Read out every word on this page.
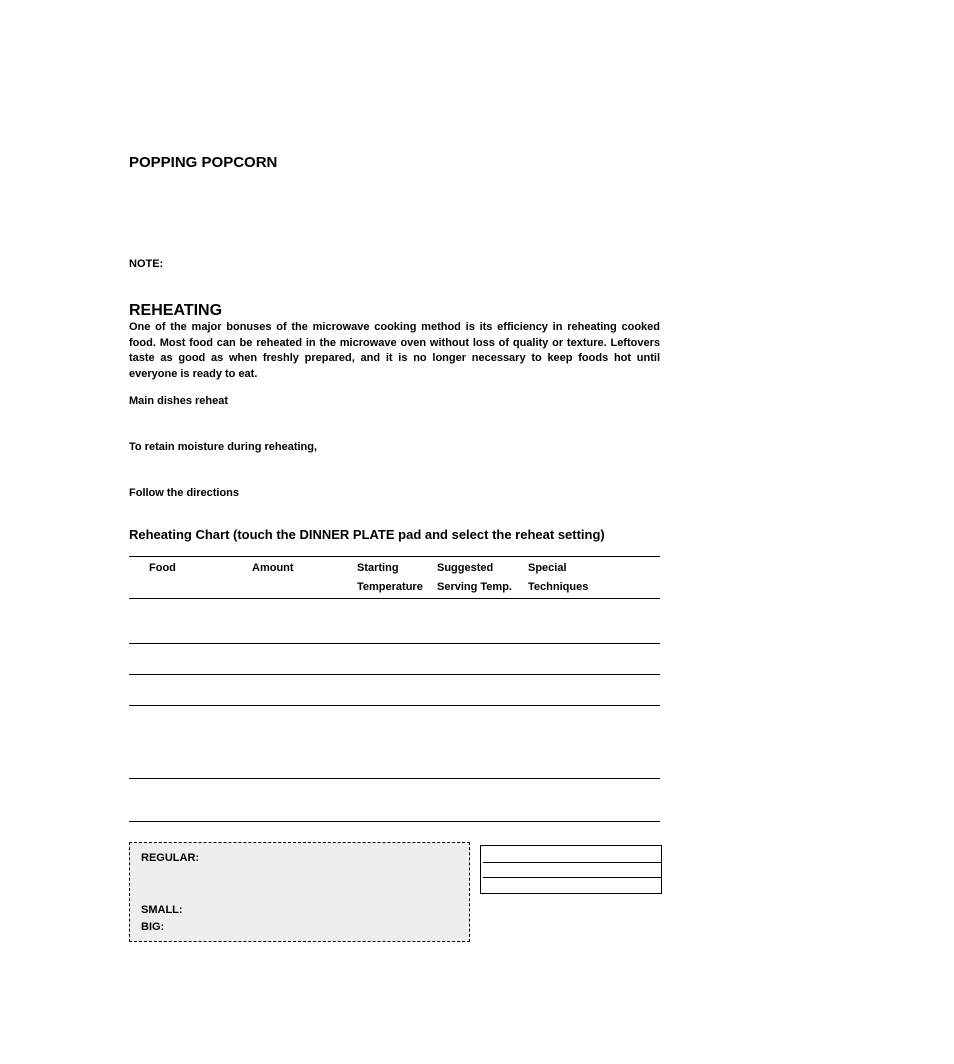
POPPING POPCORN
NOTE:
REHEATING

One of the major bonuses of the microwave cooking method is its efficiency in reheating cooked food. Most food can be reheated in the microwave oven without loss of quality or texture. Leftovers taste as good as when freshly prepared, and it is no longer necessary to keep foods hot until everyone is ready to eat.

Main dishes reheat
To retain moisture during reheating,
Follow the directions
Reheating Chart (touch the DINNER PLATE pad and select the reheat setting)
Food	Amount	Starting
Temperature
Suggested
Serving Temp.
Special
Techniques
REGULAR:
SMALL:
BIG:
